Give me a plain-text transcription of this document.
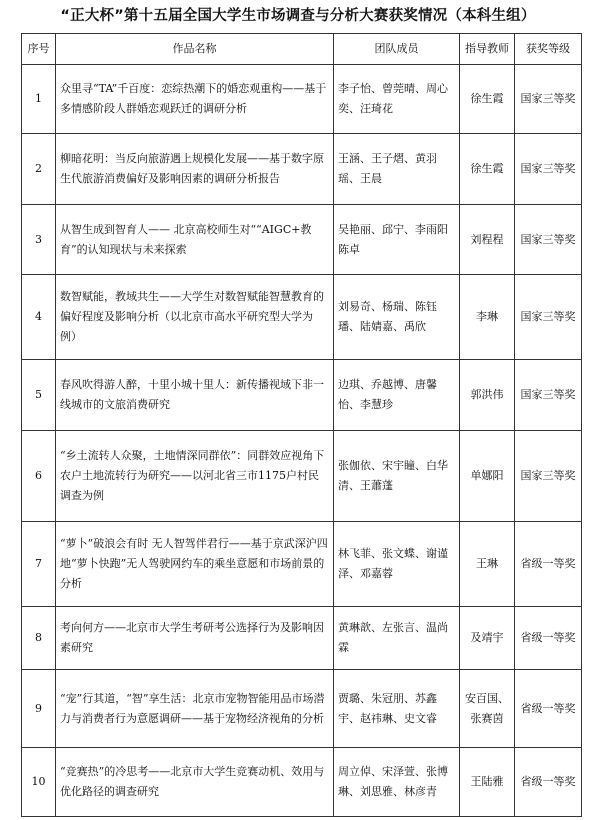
“正大杯”第十五届全国大学生市场调查与分析大赛获奖情况（本科生组）
序号	作品名称	团队成员	指导教师	获奖等级
1	众里寻“TA”千百度：恋综热潮下的婚恋观重构——基于多情感阶段人群婚恋观跃迁的调研分析	李子怡、曾莞晴、周心奕、汪琦花	徐生霞	国家三等奖
2	柳暗花明：当反向旅游遇上规模化发展——基于数字原生代旅游消费偏好及影响因素的调研分析报告	王涵、王子熠、黄羽瑶、王晨	徐生霞	国家三等奖
3	从智生成到智育人—— 北京高校师生对““AIGC+教育”的认知现状与未来探索	吴艳丽、邱宁、李雨阳陈卓	刘程程	国家三等奖
4	数智赋能，教域共生——大学生对数智赋能智慧教育的偏好程度及影响分析（以北京市高水平研究型大学为例）	刘易奇、杨瑞、陈钰璠、陆婧嘉、禹欣	李琳	国家三等奖
5	春风吹得游人醉，十里小城十里人：新传播视域下非一线城市的文旅消费研究	边琪、乔越博、唐馨怡、李慧珍	郭洪伟	国家三等奖
6	“乡土流转人众聚，土地情深同群依”：同群效应视角下农户土地流转行为研究——以河北省三市1175户村民调查为例	张伽依、宋宇瞳、白华清、王蕭蓬	单娜阳	国家三等奖
7	“萝卜”破浪会有时 无人智驾伴君行——基于京武深沪四地“萝卜快跑”无人驾驶网约车的乘坐意愿和市场前景的分析	林飞菲、张文蝶、谢谨泽、邓嘉蓉	王琳	省级一等奖
8	考向何方——北京市大学生考研考公选择行为及影响因素研究	黄琳歆、左张言、温尚霖	及靖宇	省级一等奖
9	“宠”行其道，“智”享生活：北京市宠物智能用品市场潜力与消费者行为意愿调研——基于宠物经济视角的分析	贾璐、朱冠朋、苏鑫宇、赵祎琳、史文睿	安百国、张赛茵	省级一等奖
10	“竞赛热”的冷思考——北京市大学生竞赛动机、效用与优化路径的调查研究	周立倬、宋泽萱、张博琳、刘思雅、林彦青	王陆雅	省级一等奖
